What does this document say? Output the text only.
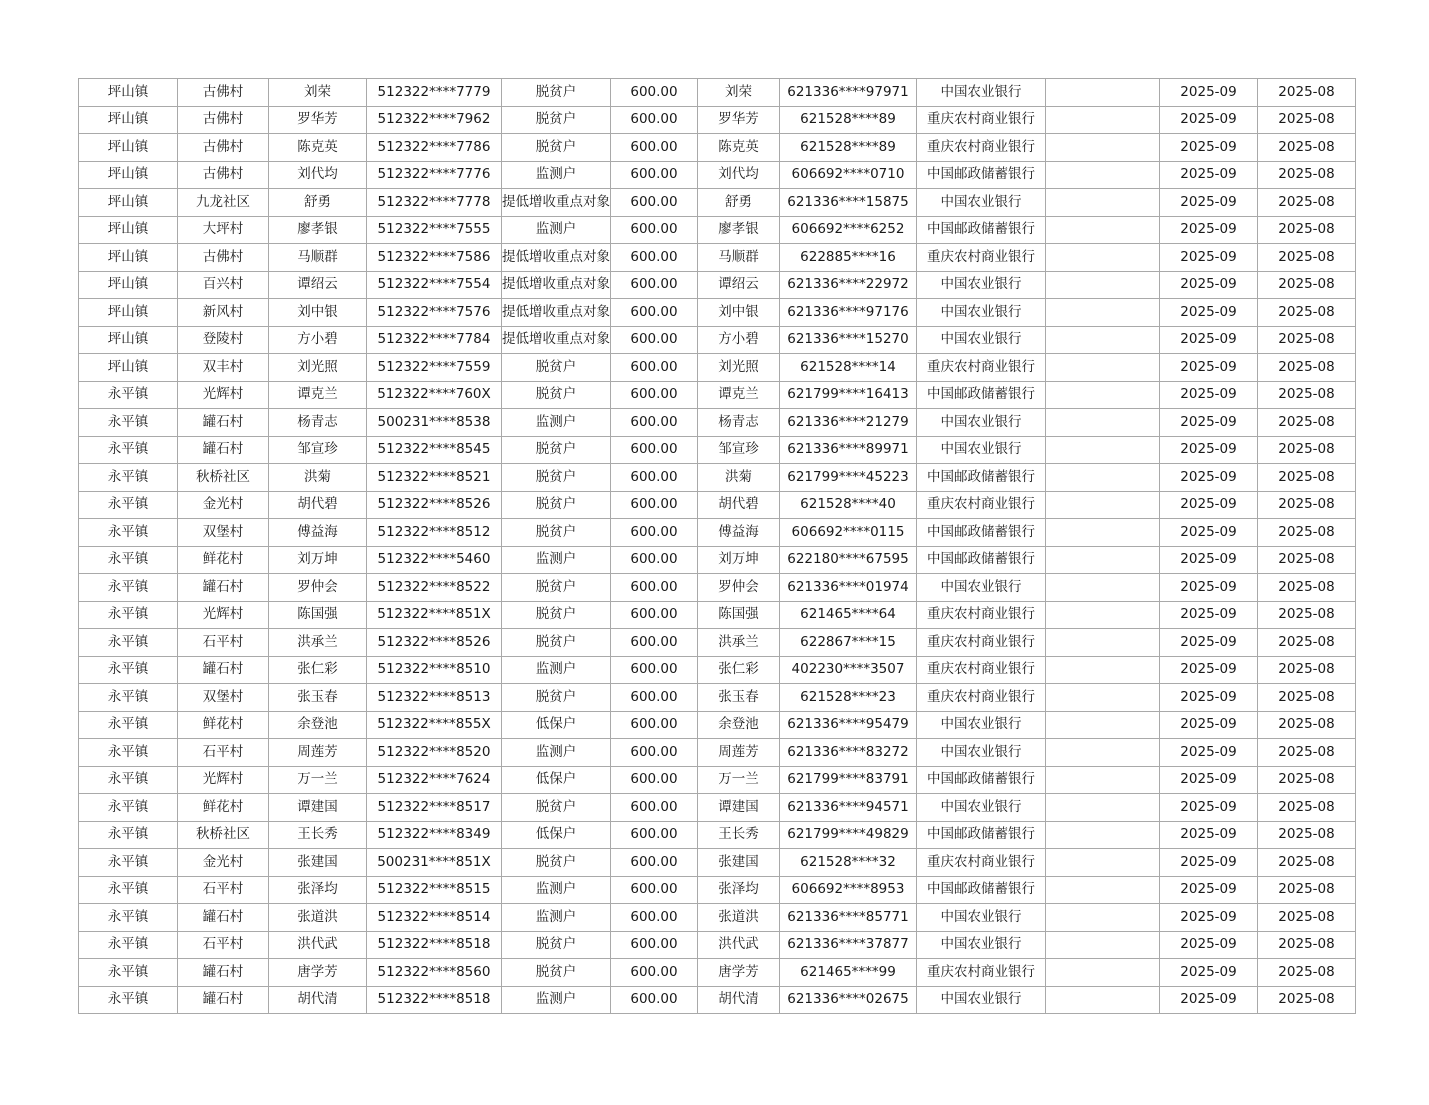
坪山镇	古佛村	刘荣	512322****7779	脱贫户	600.00	刘荣	621336****97971	中国农业银行		2025-09	2025-08
坪山镇	古佛村	罗华芳	512322****7962	脱贫户	600.00	罗华芳	621528****89	重庆农村商业银行		2025-09	2025-08
坪山镇	古佛村	陈克英	512322****7786	脱贫户	600.00	陈克英	621528****89	重庆农村商业银行		2025-09	2025-08
坪山镇	古佛村	刘代均	512322****7776	监测户	600.00	刘代均	606692****0710	中国邮政储蓄银行		2025-09	2025-08
坪山镇	九龙社区	舒勇	512322****7778	提低增收重点对象	600.00	舒勇	621336****15875	中国农业银行		2025-09	2025-08
坪山镇	大坪村	廖孝银	512322****7555	监测户	600.00	廖孝银	606692****6252	中国邮政储蓄银行		2025-09	2025-08
坪山镇	古佛村	马顺群	512322****7586	提低增收重点对象	600.00	马顺群	622885****16	重庆农村商业银行		2025-09	2025-08
坪山镇	百兴村	谭绍云	512322****7554	提低增收重点对象	600.00	谭绍云	621336****22972	中国农业银行		2025-09	2025-08
坪山镇	新风村	刘中银	512322****7576	提低增收重点对象	600.00	刘中银	621336****97176	中国农业银行		2025-09	2025-08
坪山镇	登陵村	方小碧	512322****7784	提低增收重点对象	600.00	方小碧	621336****15270	中国农业银行		2025-09	2025-08
坪山镇	双丰村	刘光照	512322****7559	脱贫户	600.00	刘光照	621528****14	重庆农村商业银行		2025-09	2025-08
永平镇	光辉村	谭克兰	512322****760X	脱贫户	600.00	谭克兰	621799****16413	中国邮政储蓄银行		2025-09	2025-08
永平镇	罐石村	杨青志	500231****8538	监测户	600.00	杨青志	621336****21279	中国农业银行		2025-09	2025-08
永平镇	罐石村	邹宣珍	512322****8545	脱贫户	600.00	邹宣珍	621336****89971	中国农业银行		2025-09	2025-08
永平镇	秋桥社区	洪菊	512322****8521	脱贫户	600.00	洪菊	621799****45223	中国邮政储蓄银行		2025-09	2025-08
永平镇	金光村	胡代碧	512322****8526	脱贫户	600.00	胡代碧	621528****40	重庆农村商业银行		2025-09	2025-08
永平镇	双堡村	傅益海	512322****8512	脱贫户	600.00	傅益海	606692****0115	中国邮政储蓄银行		2025-09	2025-08
永平镇	鲜花村	刘万坤	512322****5460	监测户	600.00	刘万坤	622180****67595	中国邮政储蓄银行		2025-09	2025-08
永平镇	罐石村	罗仲会	512322****8522	脱贫户	600.00	罗仲会	621336****01974	中国农业银行		2025-09	2025-08
永平镇	光辉村	陈国强	512322****851X	脱贫户	600.00	陈国强	621465****64	重庆农村商业银行		2025-09	2025-08
永平镇	石平村	洪承兰	512322****8526	脱贫户	600.00	洪承兰	622867****15	重庆农村商业银行		2025-09	2025-08
永平镇	罐石村	张仁彩	512322****8510	监测户	600.00	张仁彩	402230****3507	重庆农村商业银行		2025-09	2025-08
永平镇	双堡村	张玉春	512322****8513	脱贫户	600.00	张玉春	621528****23	重庆农村商业银行		2025-09	2025-08
永平镇	鲜花村	余登池	512322****855X	低保户	600.00	余登池	621336****95479	中国农业银行		2025-09	2025-08
永平镇	石平村	周莲芳	512322****8520	监测户	600.00	周莲芳	621336****83272	中国农业银行		2025-09	2025-08
永平镇	光辉村	万一兰	512322****7624	低保户	600.00	万一兰	621799****83791	中国邮政储蓄银行		2025-09	2025-08
永平镇	鲜花村	谭建国	512322****8517	脱贫户	600.00	谭建国	621336****94571	中国农业银行		2025-09	2025-08
永平镇	秋桥社区	王长秀	512322****8349	低保户	600.00	王长秀	621799****49829	中国邮政储蓄银行		2025-09	2025-08
永平镇	金光村	张建国	500231****851X	脱贫户	600.00	张建国	621528****32	重庆农村商业银行		2025-09	2025-08
永平镇	石平村	张泽均	512322****8515	监测户	600.00	张泽均	606692****8953	中国邮政储蓄银行		2025-09	2025-08
永平镇	罐石村	张道洪	512322****8514	监测户	600.00	张道洪	621336****85771	中国农业银行		2025-09	2025-08
永平镇	石平村	洪代武	512322****8518	脱贫户	600.00	洪代武	621336****37877	中国农业银行		2025-09	2025-08
永平镇	罐石村	唐学芳	512322****8560	脱贫户	600.00	唐学芳	621465****99	重庆农村商业银行		2025-09	2025-08
永平镇	罐石村	胡代清	512322****8518	监测户	600.00	胡代清	621336****02675	中国农业银行		2025-09	2025-08
